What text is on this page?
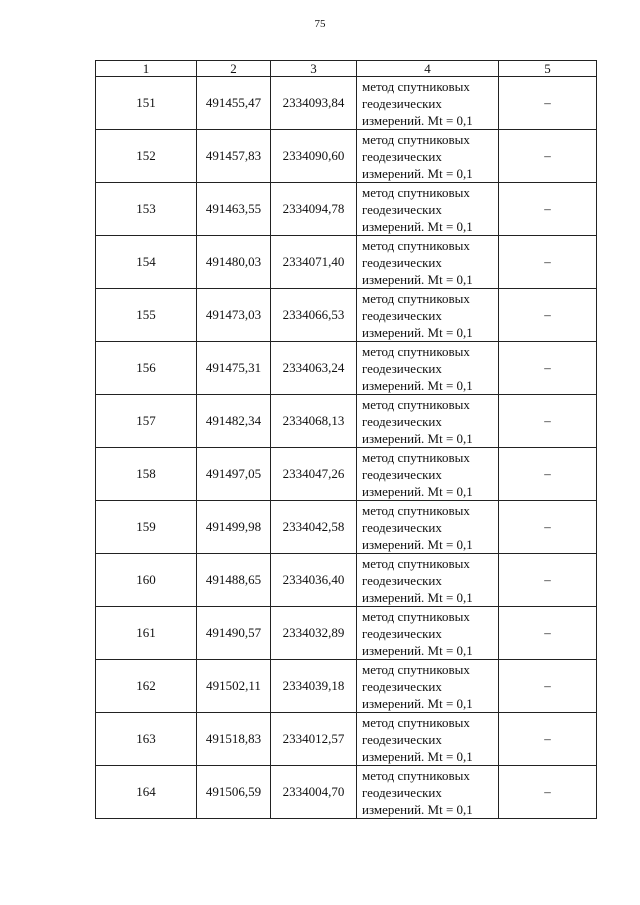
75
1	2	3	4	5
151	491455,47	2334093,84	метод спутниковых
геодезических
измерений. Mt = 0,1	–
152	491457,83	2334090,60	метод спутниковых
геодезических
измерений. Mt = 0,1	–
153	491463,55	2334094,78	метод спутниковых
геодезических
измерений. Mt = 0,1	–
154	491480,03	2334071,40	метод спутниковых
геодезических
измерений. Mt = 0,1	–
155	491473,03	2334066,53	метод спутниковых
геодезических
измерений. Mt = 0,1	–
156	491475,31	2334063,24	метод спутниковых
геодезических
измерений. Mt = 0,1	–
157	491482,34	2334068,13	метод спутниковых
геодезических
измерений. Mt = 0,1	–
158	491497,05	2334047,26	метод спутниковых
геодезических
измерений. Mt = 0,1	–
159	491499,98	2334042,58	метод спутниковых
геодезических
измерений. Mt = 0,1	–
160	491488,65	2334036,40	метод спутниковых
геодезических
измерений. Mt = 0,1	–
161	491490,57	2334032,89	метод спутниковых
геодезических
измерений. Mt = 0,1	–
162	491502,11	2334039,18	метод спутниковых
геодезических
измерений. Mt = 0,1	–
163	491518,83	2334012,57	метод спутниковых
геодезических
измерений. Mt = 0,1	–
164	491506,59	2334004,70	метод спутниковых
геодезических
измерений. Mt = 0,1	–
